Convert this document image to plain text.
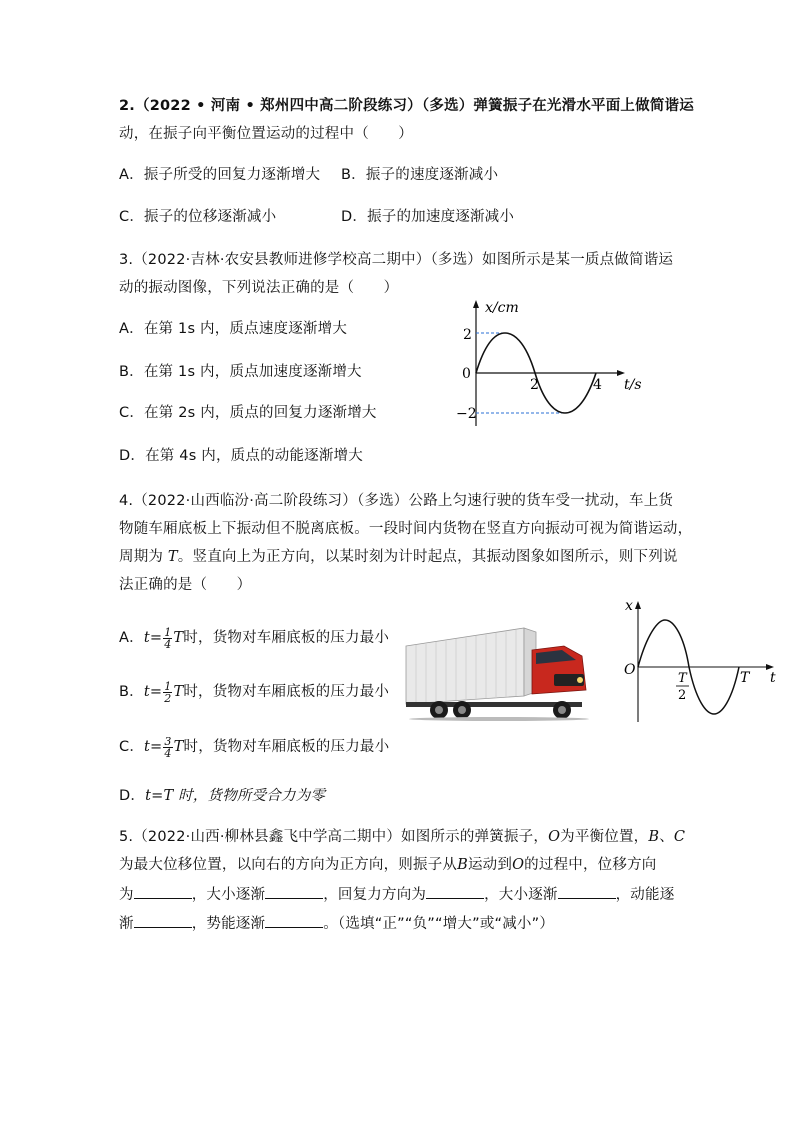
2.（2022 • 河南 • 郑州四中高二阶段练习）（多选）弹簧振子在光滑水平面上做简谐运
动，在振子向平衡位置运动的过程中（　　）
A．振子所受的回复力逐渐增大 B．振子的速度逐渐减小
C．振子的位移逐渐减小	D．振子的加速度逐渐减小
3.（2022·吉林·农安县教师进修学校高二期中）（多选）如图所示是某一质点做简谐运
动的振动图像，下列说法正确的是（　　）
A．在第 1s 内，质点速度逐渐增大
B．在第 1s 内，质点加速度逐渐增大
C．在第 2s 内，质点的回复力逐渐增大
D．在第 4s 内，质点的动能逐渐增大
x/cm
2
0
−2
2	4 t/s
4.（2022·山西临汾·高二阶段练习）（多选）公路上匀速行驶的货车受一扰动，车上货
物随车厢底板上下振动但不脱离底板。一段时间内货物在竖直方向振动可视为简谐运动，
周期为 T。竖直向上为正方向，以某时刻为计时起点，其振动图象如图所示，则下列说
法正确的是（　　）
A．$t= \frac{1}{4}$ T时，货物对车厢底板的压力最小
B．$t= \frac{1}{2}$ T时，货物对车厢底板的压力最小
C．$t= \frac{3}{4}$ T时，货物对车厢底板的压力最小
D．t=T 时，货物所受合力为零
x
O
T
2
T t
5.（2022·山西·柳林县鑫飞中学高二期中）如图所示的弹簧振子，O为平衡位置，B、C
为最大位移位置，以向右的方向为正方向，则振子从B运动到O的过程中，位移方向
为	，大小逐渐	，回复力方向为	，大小逐渐	，动能逐
渐	，势能逐渐	。（选填“正”“负”“增大”或“减小”）
